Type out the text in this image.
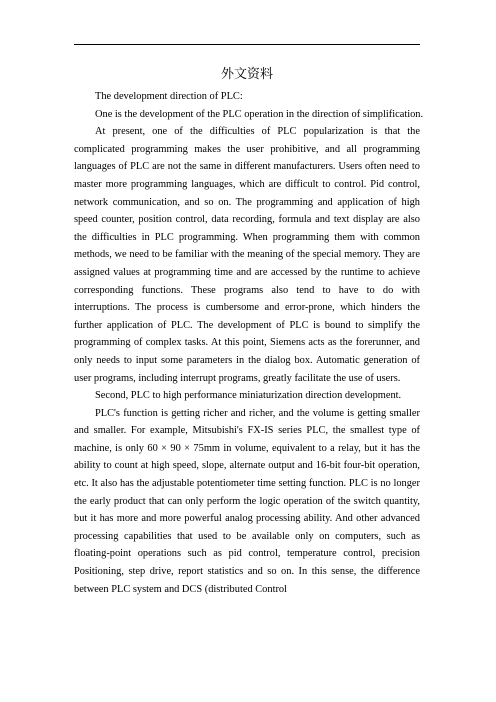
外文资料

The development direction of PLC:

One is the development of the PLC operation in the direction of simplification.

At present, one of the difficulties of PLC popularization is that the complicated programming makes the user prohibitive, and all programming languages of PLC are not the same in different manufacturers. Users often need to master more programming languages, which are difficult to control. Pid control, network communication, and so on. The programming and application of high speed counter, position control, data recording, formula and text display are also the difficulties in PLC programming. When programming them with common methods, we need to be familiar with the meaning of the special memory. They are assigned values at programming time and are accessed by the runtime to achieve corresponding functions. These programs also tend to have to do with interruptions. The process is cumbersome and error-prone, which hinders the further application of PLC. The development of PLC is bound to simplify the programming of complex tasks. At this point, Siemens acts as the forerunner, and only needs to input some parameters in the dialog box. Automatic generation of user programs, including interrupt programs, greatly facilitate the use of users.

Second, PLC to high performance miniaturization direction development.

PLC's function is getting richer and richer, and the volume is getting smaller and smaller. For example, Mitsubishi's FX-IS series PLC, the smallest type of machine, is only 60 × 90 × 75mm in volume, equivalent to a relay, but it has the ability to count at high speed, slope, alternate output and 16-bit four-bit operation, etc. It also has the adjustable potentiometer time setting function. PLC is no longer the early product that can only perform the logic operation of the switch quantity, but it has more and more powerful analog processing ability. And other advanced processing capabilities that used to be available only on computers, such as floating-point operations such as pid control, temperature control, precision Positioning, step drive, report statistics and so on. In this sense, the difference between PLC system and DCS (distributed Control
